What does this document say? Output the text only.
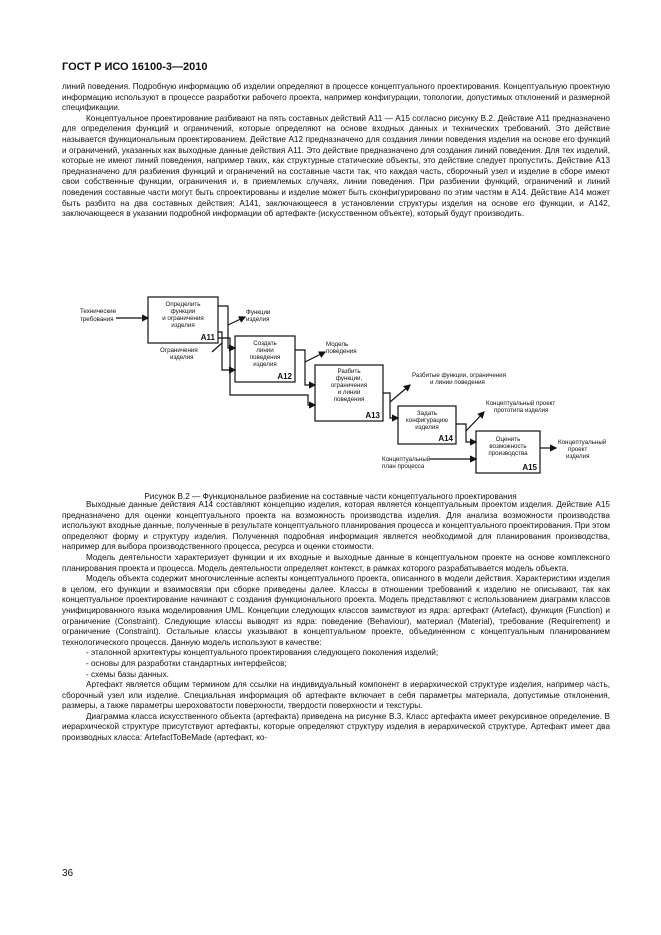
ГОСТ Р ИСО 16100-3—2010

линий поведения. Подробную информацию об изделии определяют в процессе концептуального проектирования. Концептуальную проектную информацию используют в процессе разработки рабочего проекта, например конфигурации, топологии, допустимых отклонений и размерной спецификации.

Концептуальное проектирование разбивают на пять составных действий А11 — А15 согласно рисунку В.2. Действие А11 предназначено для определения функций и ограничений, которые определяют на основе входных данных и технических требований. Это действие называется функциональным проектированием. Действие А12 предназначено для создания линии поведения изделия на основе его функций и ограничений, указанных как выходные данные действия А11. Это действие предназначено для создания линий поведения. Для тех изделий, которые не имеют линий поведения, например таких, как структурные статические объекты, это действие следует пропустить. Действие А13 предназначено для разбиения функций и ограничений на составные части так, что каждая часть, сборочный узел и изделие в сборе имеют свои собственные функции, ограничения и, в приемлемых случаях, линии поведения. При разбиении функций, ограничений и линий поведения составные части могут быть спроектированы и изделие может быть сконфигурировано по этим частям в А14. Действие А14 может быть разбито на два составных действия: А141, заключающееся в установлении структуры изделия на основе его функции, и А142, заключающееся в указании подробной информации об артефакте (искусственном объекте), который будут производить.

Определить функции и ограничения изделия
Создать линии поведения изделия
Разбить функции, ограничения и линии поведения
Задать конфигурацию изделия
Оценить возможность производства
A11
A12
A13
A14
A15
Технические требования
Функции изделия
Ограничения изделия
Модель поведения
Разбитые функции, ограничения и линии поведения
Концептуальный проект прототипа изделия
Концептуальный план процесса
Концептуальный проект изделия
Рисунок В.2 — Функциональное разбиение на составные части концептуального проектирования

Выходные данные действия А14 составляют концепцию изделия, которая является концептуальным проектом изделия. Действие А15 предназначено для оценки концептуального проекта на возможность производства изделия. Для анализа возможности производства используют входные данные, полученные в результате концептуального планирования процесса и концептуального проектирования. При этом определяют форму и структуру изделия. Полученная подробная информация является необходимой для планирования производства, например для выбора производственного процесса, ресурса и оценки стоимости.

Модель деятельности характеризует функции и их входные и выходные данные в концептуальном проекте на основе комплексного планирования проекта и процесса. Модель деятельности определяет контекст, в рамках которого разрабатывается модель объекта.

Модель объекта содержит многочисленные аспекты концептуального проекта, описанного в модели действия. Характеристики изделия в целом, его функции и взаимосвязи при сборке приведены далее. Классы в отношении требований к изделию не описывают, так как концептуальное проектирование начинают с создания функционального проекта. Модель представляют с использованием диаграмм классов унифицированного языка моделирования UML. Концепции следующих классов заимствуют из ядра: артефакт (Artefact), функция (Function) и ограничение (Constraint). Следующие классы выводят из ядра: поведение (Behaviour), материал (Material), требование (Requirement) и ограничение (Constraint). Остальные классы указывают в концептуальном проекте, объединенном с концептуальным планированием технологического процесса. Данную модель используют в качестве:

- эталонной архитектуры концептуального проектирования следующего поколения изделий;

- основы для разработки стандартных интерфейсов;

- схемы базы данных.

Артефакт является общим термином для ссылки на индивидуальный компонент в иерархической структуре изделия, например часть, сборочный узел или изделие. Специальная информация об артефакте включает в себя параметры материала, допустимые отклонения, размеры, а также параметры шероховатости поверхности, твердости поверхности и текстуры.

Диаграмма класса искусственного объекта (артефакта) приведена на рисунке В.3. Класс артефакта имеет рекурсивное определение. В иерархической структуре присутствуют артефакты, которые определяют структуру изделия в иерархической структуре. Артефакт имеет два производных класса: ArtefactToBeMade (артефакт, ко-

36
